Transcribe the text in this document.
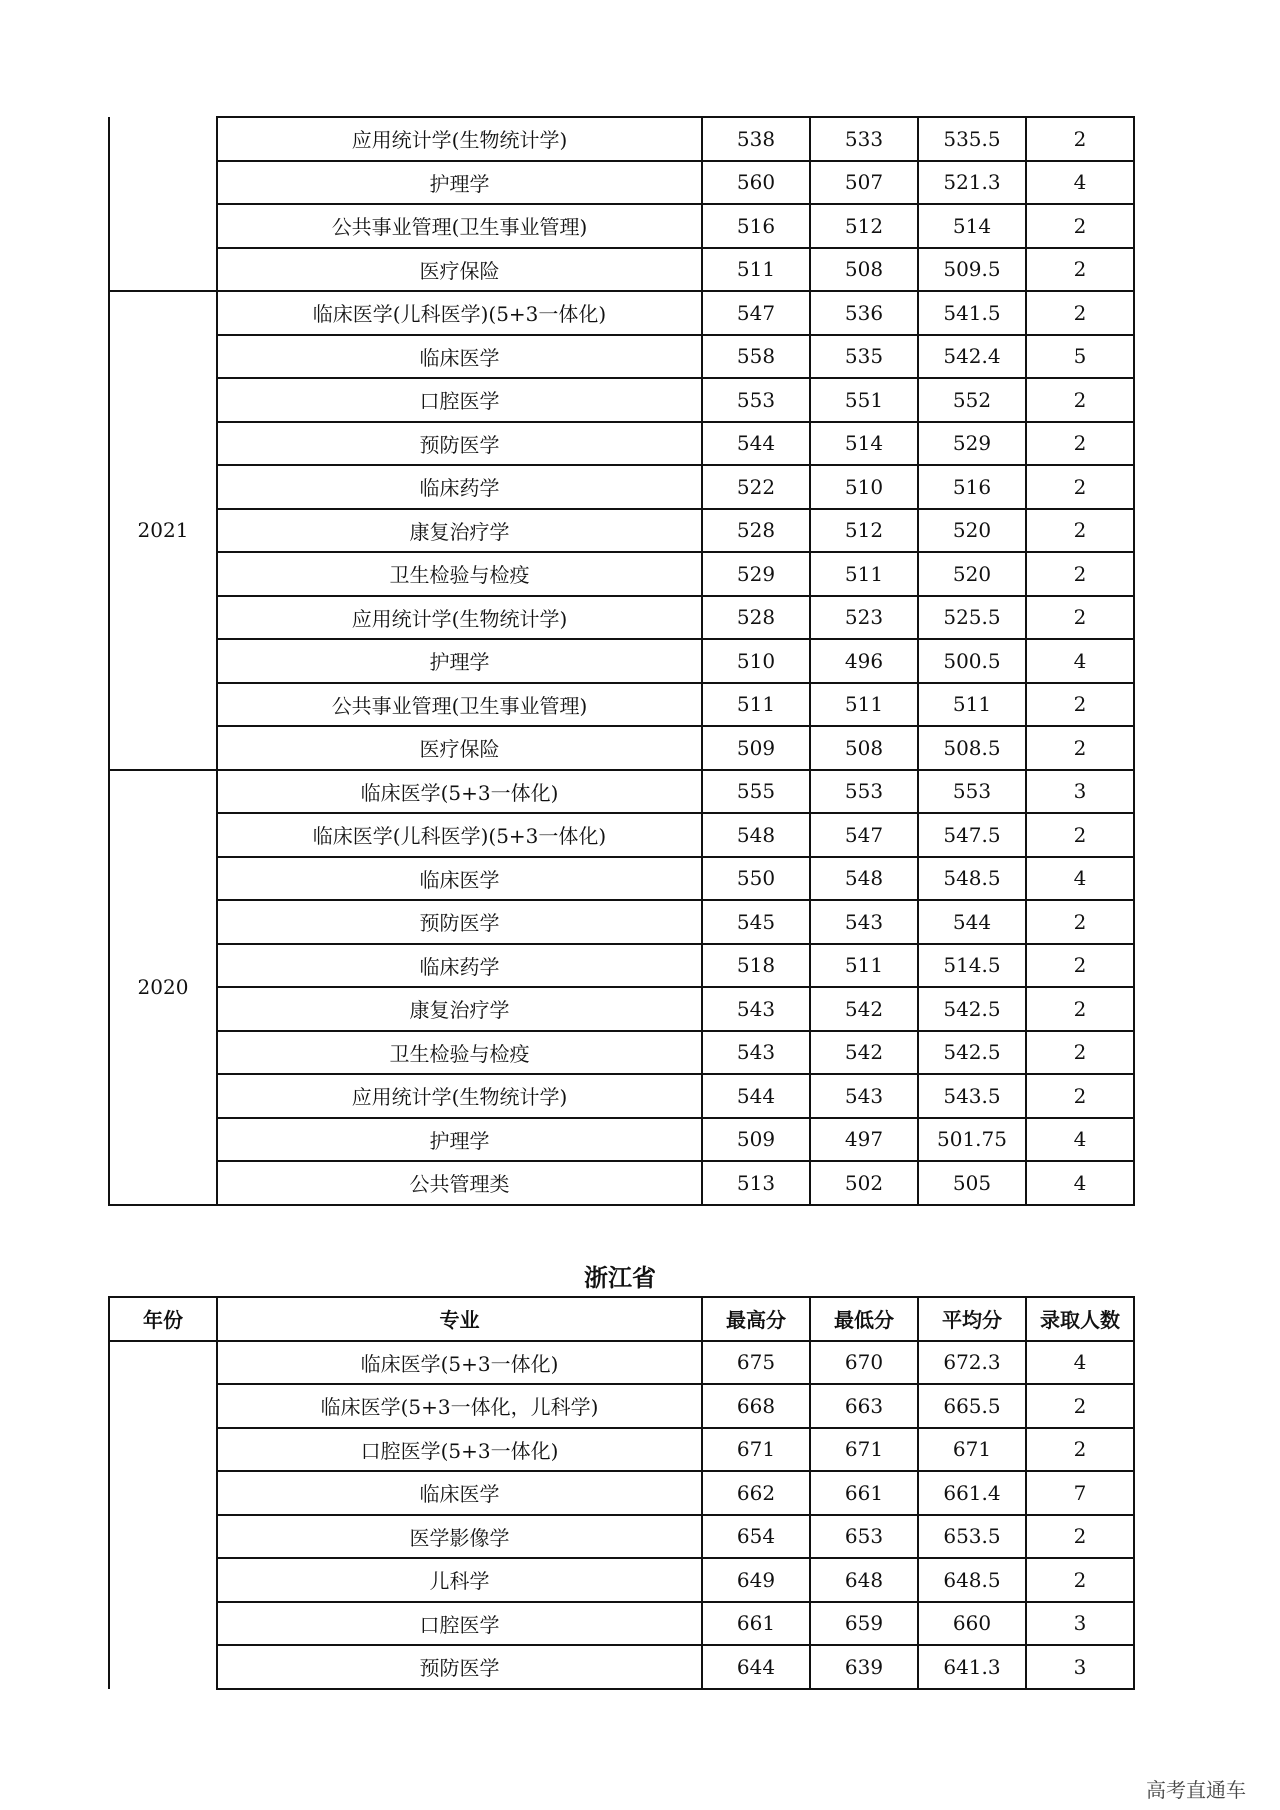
	应用统计学(生物统计学)	538	533	535.5	2
	护理学	560	507	521.3	4
	公共事业管理(卫生事业管理)	516	512	514	2
	医疗保险	511	508	509.5	2
2021	临床医学(儿科医学)(5+3一体化)	547	536	541.5	2
	临床医学	558	535	542.4	5
	口腔医学	553	551	552	2
	预防医学	544	514	529	2
	临床药学	522	510	516	2
	康复治疗学	528	512	520	2
	卫生检验与检疫	529	511	520	2
	应用统计学(生物统计学)	528	523	525.5	2
	护理学	510	496	500.5	4
	公共事业管理(卫生事业管理)	511	511	511	2
	医疗保险	509	508	508.5	2
2020	临床医学(5+3一体化)	555	553	553	3
	临床医学(儿科医学)(5+3一体化)	548	547	547.5	2
	临床医学	550	548	548.5	4
	预防医学	545	543	544	2
	临床药学	518	511	514.5	2
	康复治疗学	543	542	542.5	2
	卫生检验与检疫	543	542	542.5	2
	应用统计学(生物统计学)	544	543	543.5	2
	护理学	509	497	501.75	4
	公共管理类	513	502	505	4
浙江省
年份	专业	最高分	最低分	平均分	录取人数
	临床医学(5+3一体化)	675	670	672.3	4
	临床医学(5+3一体化，儿科学)	668	663	665.5	2
	口腔医学(5+3一体化)	671	671	671	2
	临床医学	662	661	661.4	7
	医学影像学	654	653	653.5	2
	儿科学	649	648	648.5	2
	口腔医学	661	659	660	3
	预防医学	644	639	641.3	3
高考直通车
